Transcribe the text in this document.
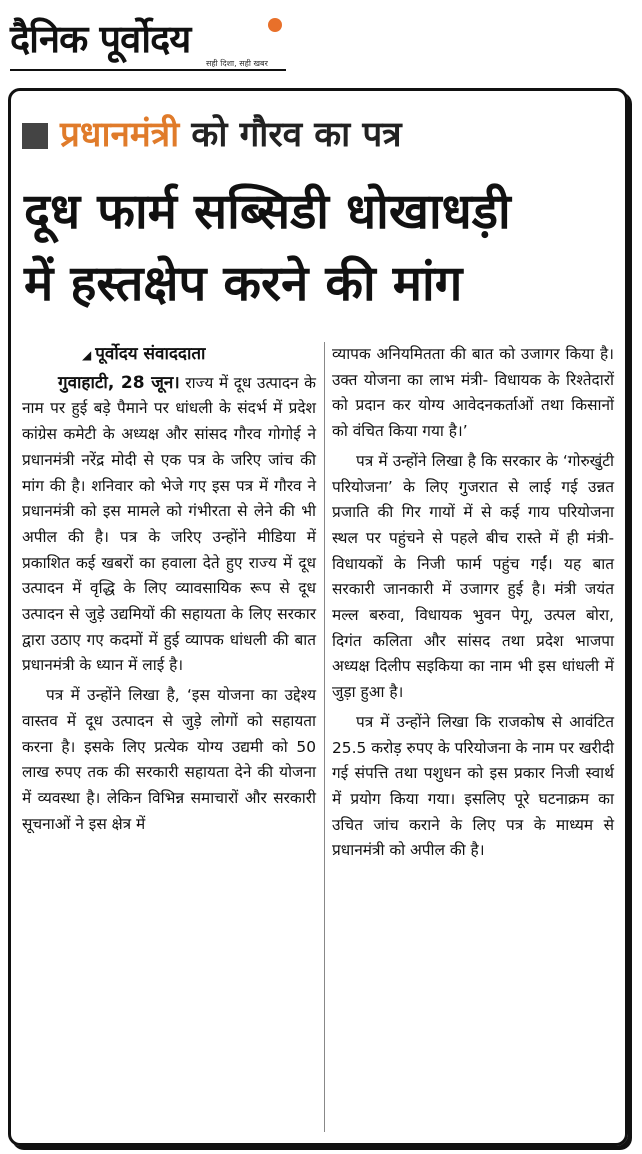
दैनिक पूर्वोदय
सही दिशा, सही खबर
प्रधानमंत्री को गौरव का पत्र
दूध फार्म सब्सिडी धोखाधड़ी
में हस्तक्षेप करने की मांग
◢ पूर्वोदय संवाददाता

गुवाहाटी, 28 जून। राज्य में दूध उत्पादन के नाम पर हुई बड़े पैमाने पर धांधली के संदर्भ में प्रदेश कांग्रेस कमेटी के अध्यक्ष और सांसद गौरव गोगोई ने प्रधानमंत्री नरेंद्र मोदी से एक पत्र के जरिए जांच की मांग की है। शनिवार को भेजे गए इस पत्र में गौरव ने प्रधानमंत्री को इस मामले को गंभीरता से लेने की भी अपील की है। पत्र के जरिए उन्होंने मीडिया में प्रकाशित कई खबरों का हवाला देते हुए राज्य में दूध उत्पादन में वृद्धि के लिए व्यावसायिक रूप से दूध उत्पादन से जुड़े उद्यमियों की सहायता के लिए सरकार द्वारा उठाए गए कदमों में हुई व्यापक धांधली की बात प्रधानमंत्री के ध्यान में लाई है।

पत्र में उन्होंने लिखा है, ‘इस योजना का उद्देश्य वास्तव में दूध उत्पादन से जुड़े लोगों को सहायता करना है। इसके लिए प्रत्येक योग्य उद्यमी को 50 लाख रुपए तक की सरकारी सहायता देने की योजना में व्यवस्था है। लेकिन विभिन्न समाचारों और सरकारी सूचनाओं ने इस क्षेत्र में

व्यापक अनियमितता की बात को उजागर किया है। उक्त योजना का लाभ मंत्री- विधायक के रिश्तेदारों को प्रदान कर योग्य आवेदनकर्ताओं तथा किसानों को वंचित किया गया है।’

पत्र में उन्होंने लिखा है कि सरकार के ‘गोरुखुंटी परियोजना’ के लिए गुजरात से लाई गई उन्नत प्रजाति की गिर गायों में से कई गाय परियोजना स्थल पर पहुंचने से पहले बीच रास्ते में ही मंत्री-विधायकों के निजी फार्म पहुंच गईं। यह बात सरकारी जानकारी में उजागर हुई है। मंत्री जयंत मल्ल बरुवा, विधायक भुवन पेगू, उत्पल बोरा, दिगंत कलिता और सांसद तथा प्रदेश भाजपा अध्यक्ष दिलीप सइकिया का नाम भी इस धांधली में जुड़ा हुआ है।

पत्र में उन्होंने लिखा कि राजकोष से आवंटित 25.5 करोड़ रुपए के परियोजना के नाम पर खरीदी गई संपत्ति तथा पशुधन को इस प्रकार निजी स्वार्थ में प्रयोग किया गया। इसलिए पूरे घटनाक्रम का उचित जांच कराने के लिए पत्र के माध्यम से प्रधानमंत्री को अपील की है।
